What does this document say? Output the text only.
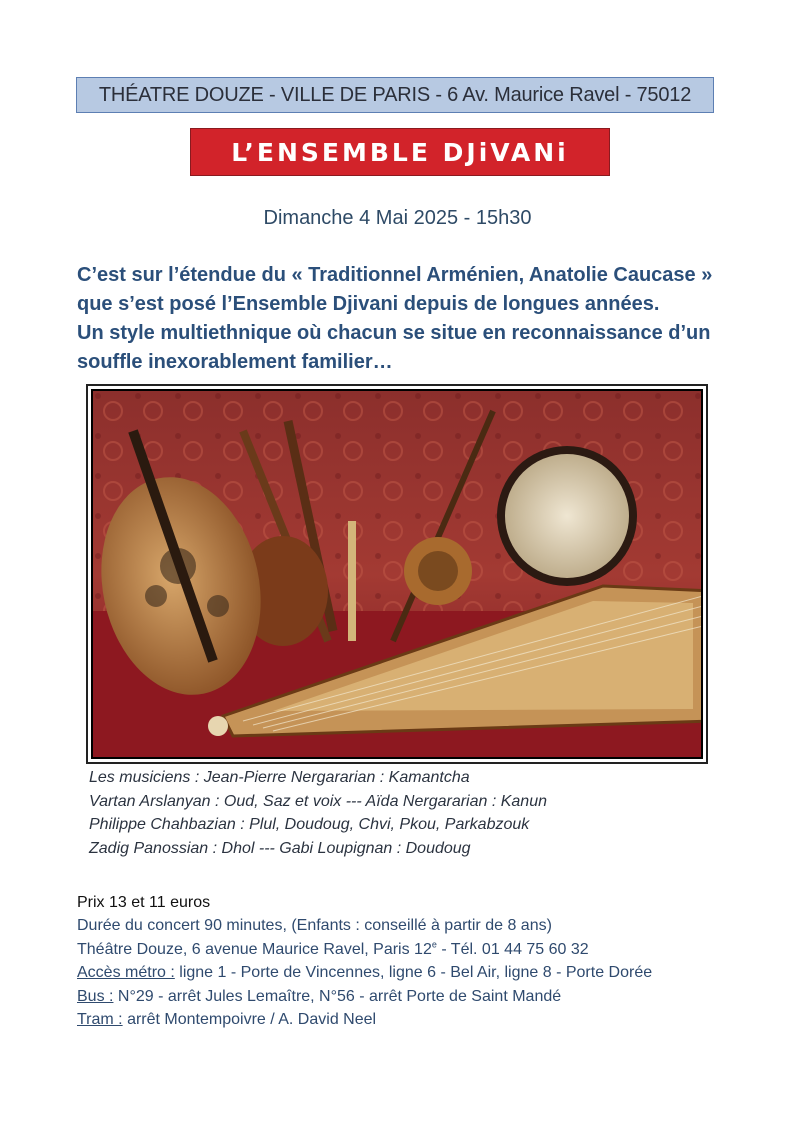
THÉATRE DOUZE - VILLE DE PARIS - 6 Av. Maurice Ravel - 75012
L’ENSEMBLE DJiVANi
Dimanche 4 Mai 2025 - 15h30
C’est sur l’étendue du « Traditionnel Arménien, Anatolie Caucase »
que s’est posé l’Ensemble Djivani depuis de longues années.
Un style multiethnique où chacun se situe en reconnaissance d’un
souffle inexorablement familier…
Les musiciens : Jean-Pierre Nergararian : Kamantcha
Vartan Arslanyan : Oud, Saz et voix --- Aïda Nergararian : Kanun
Philippe Chahbazian : Plul, Doudoug, Chvi, Pkou, Parkabzouk
Zadig Panossian : Dhol --- Gabi Loupignan : Doudoug
Prix 13 et 11 euros
Durée du concert 90 minutes, (Enfants : conseillé à partir de 8 ans)
Théâtre Douze, 6 avenue Maurice Ravel, Paris 12e - Tél. 01 44 75 60 32
Accès métro : ligne 1 - Porte de Vincennes, ligne 6 - Bel Air, ligne 8 - Porte Dorée
Bus : N°29 - arrêt Jules Lemaître, N°56 - arrêt Porte de Saint Mandé
Tram : arrêt Montempoivre / A. David Neel
